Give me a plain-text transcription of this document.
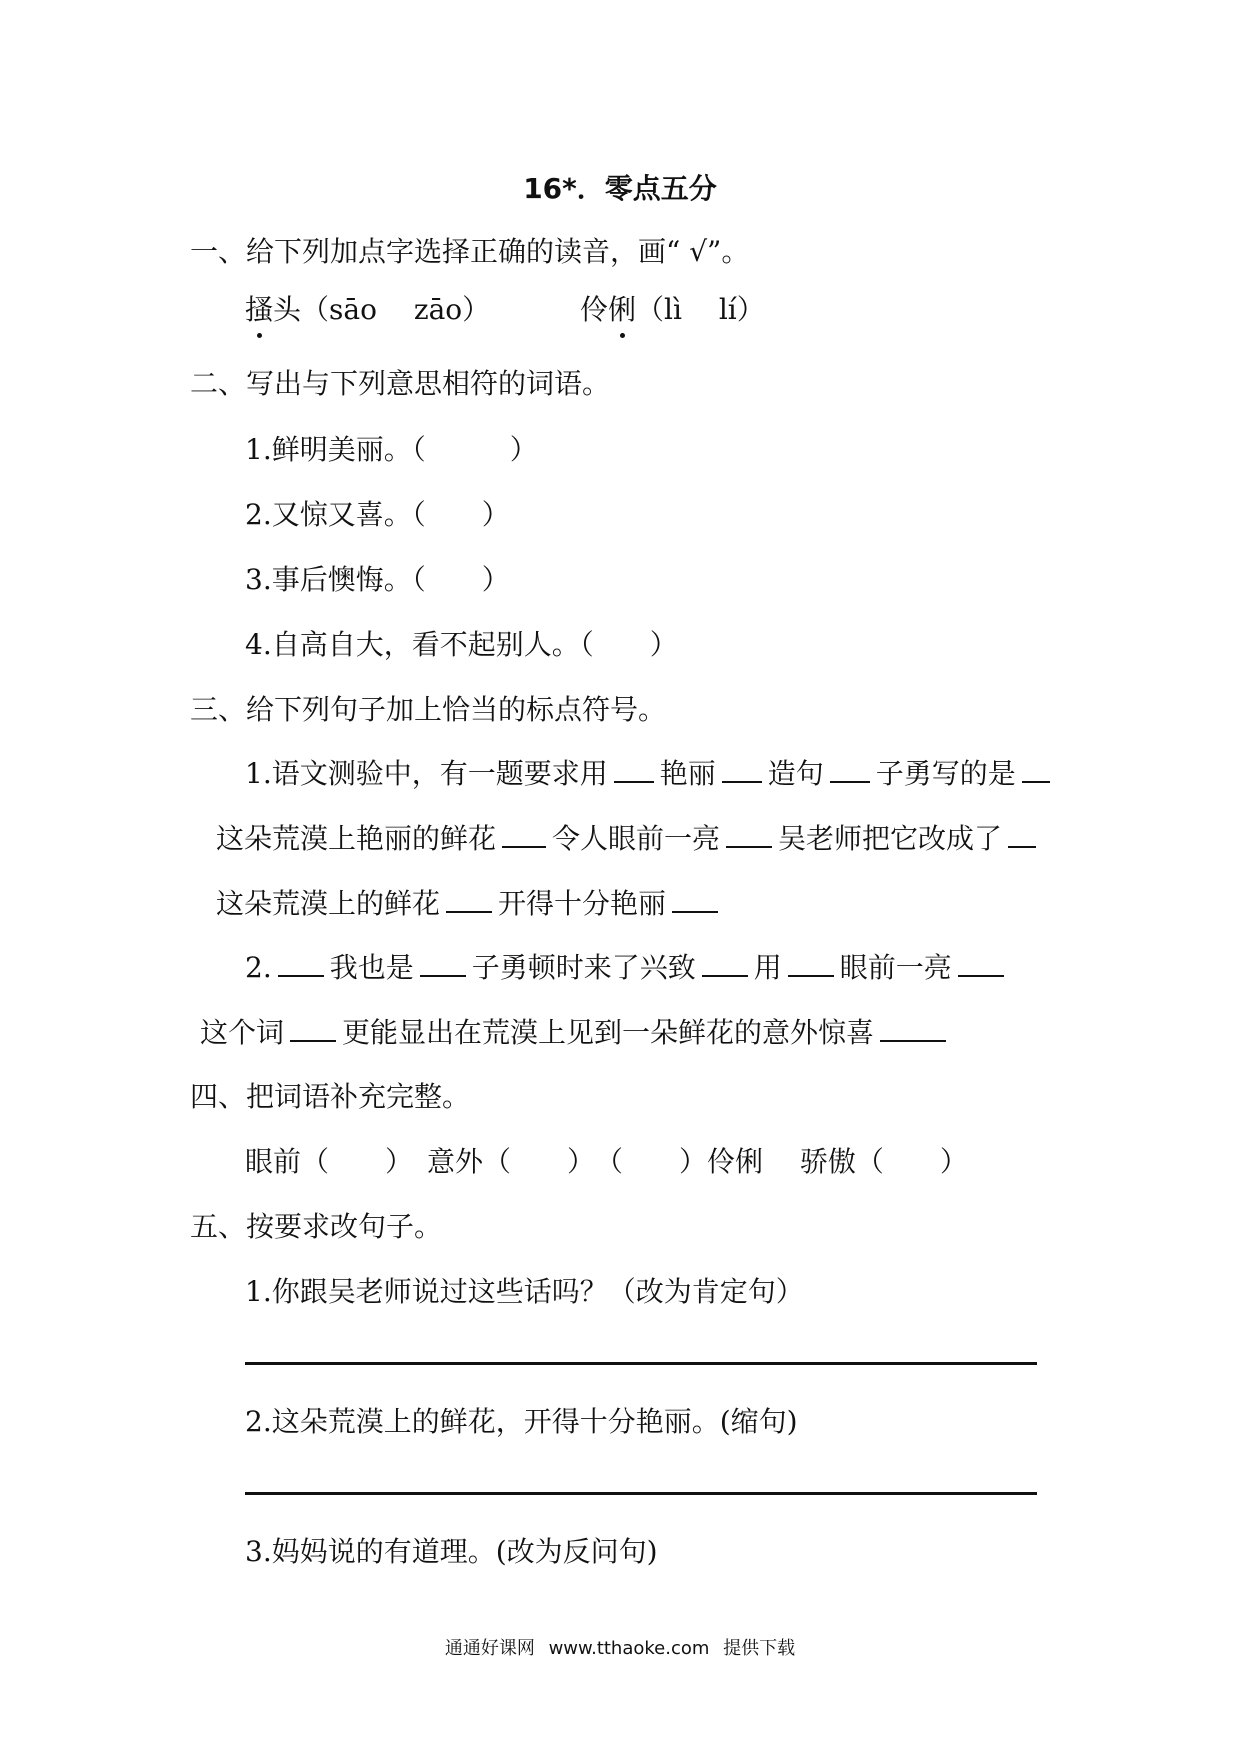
16*．零点五分
一、给下列加点字选择正确的读音，画“ √”。
搔头（sāo　 zāo）	伶俐（lì　 lí）
二、写出与下列意思相符的词语。
1.鲜明美丽。（　　　）
2.又惊又喜。（　　）
3.事后懊悔。（　　）
4.自高自大，看不起别人。（　　）
三、给下列句子加上恰当的标点符号。
1.语文测验中，有一题要求用 艳丽 造句 子勇写的是
这朵荒漠上艳丽的鲜花 令人眼前一亮 吴老师把它改成了
这朵荒漠上的鲜花 开得十分艳丽
2. 我也是 子勇顿时来了兴致 用 眼前一亮
这个词 更能显出在荒漠上见到一朵鲜花的意外惊喜
四、把词语补充完整。
眼前（　　）　意外（　　）　（　　）伶俐　 骄傲（　　）
五、按要求改句子。
1.你跟吴老师说过这些话吗？（改为肯定句）
2.这朵荒漠上的鲜花，开得十分艳丽。(缩句)
3.妈妈说的有道理。(改为反问句)
通通好课网 www.tthaoke.com 提供下载
